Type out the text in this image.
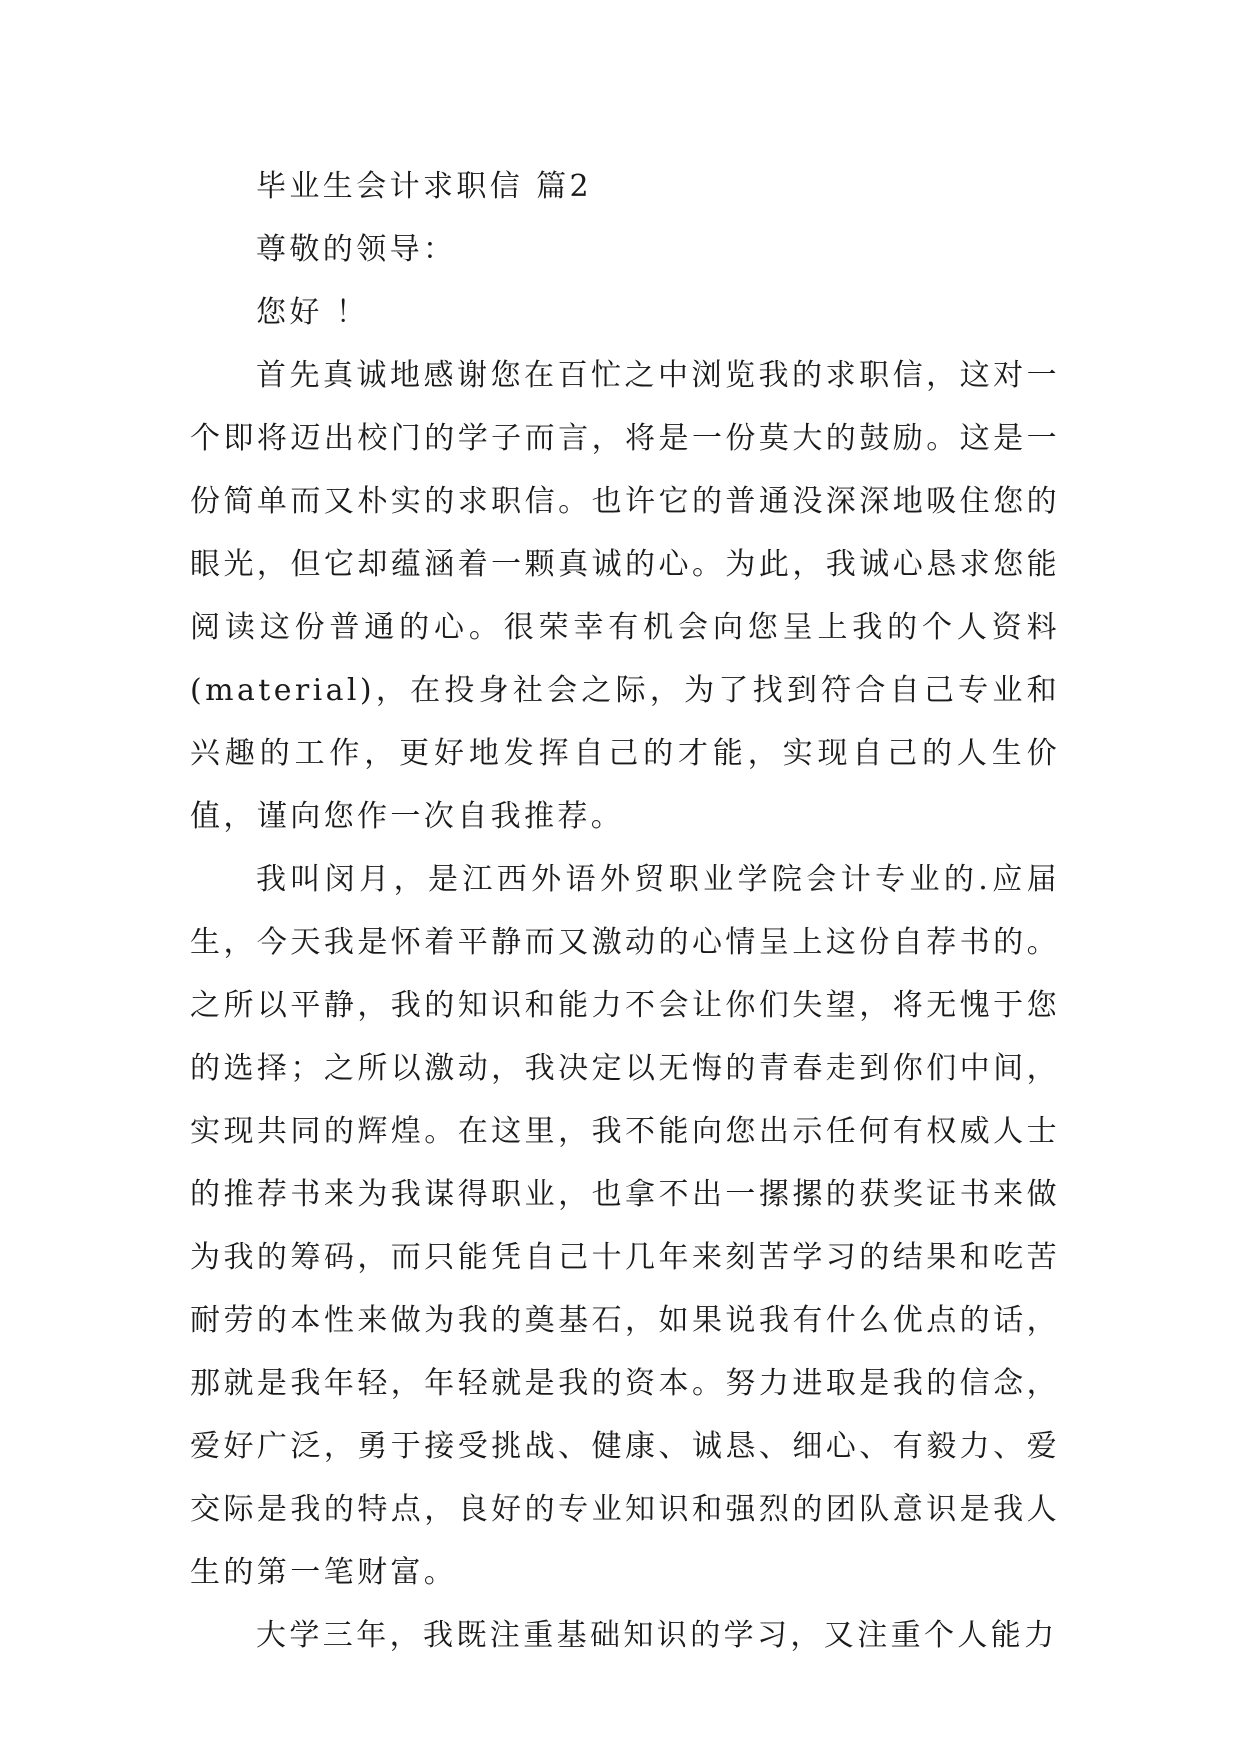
毕业生会计求职信 篇2

尊敬的领导：

您好 ！

首先真诚地感谢您在百忙之中浏览我的求职信，这对一个即将迈出校门的学子而言，将是一份莫大的鼓励。这是一份简单而又朴实的求职信。也许它的普通没深深地吸住您的眼光，但它却蕴涵着一颗真诚的心。为此，我诚心恳求您能阅读这份普通的心。很荣幸有机会向您呈上我的个人资料(material)，在投身社会之际，为了找到符合自己专业和兴趣的工作，更好地发挥自己的才能，实现自己的人生价值，谨向您作一次自我推荐。

我叫闵月，是江西外语外贸职业学院会计专业的.应届生，今天我是怀着平静而又激动的心情呈上这份自荐书的。之所以平静，我的知识和能力不会让你们失望，将无愧于您的选择；之所以激动，我决定以无悔的青春走到你们中间，实现共同的辉煌。在这里，我不能向您出示任何有权威人士的推荐书来为我谋得职业，也拿不出一摞摞的获奖证书来做为我的筹码，而只能凭自己十几年来刻苦学习的结果和吃苦耐劳的本性来做为我的奠基石，如果说我有什么优点的话，那就是我年轻，年轻就是我的资本。努力进取是我的信念，爱好广泛，勇于接受挑战、健康、诚恳、细心、有毅力、爱交际是我的特点，良好的专业知识和强烈的团队意识是我人生的第一笔财富。

大学三年，我既注重基础知识的学习，又注重个人能力
